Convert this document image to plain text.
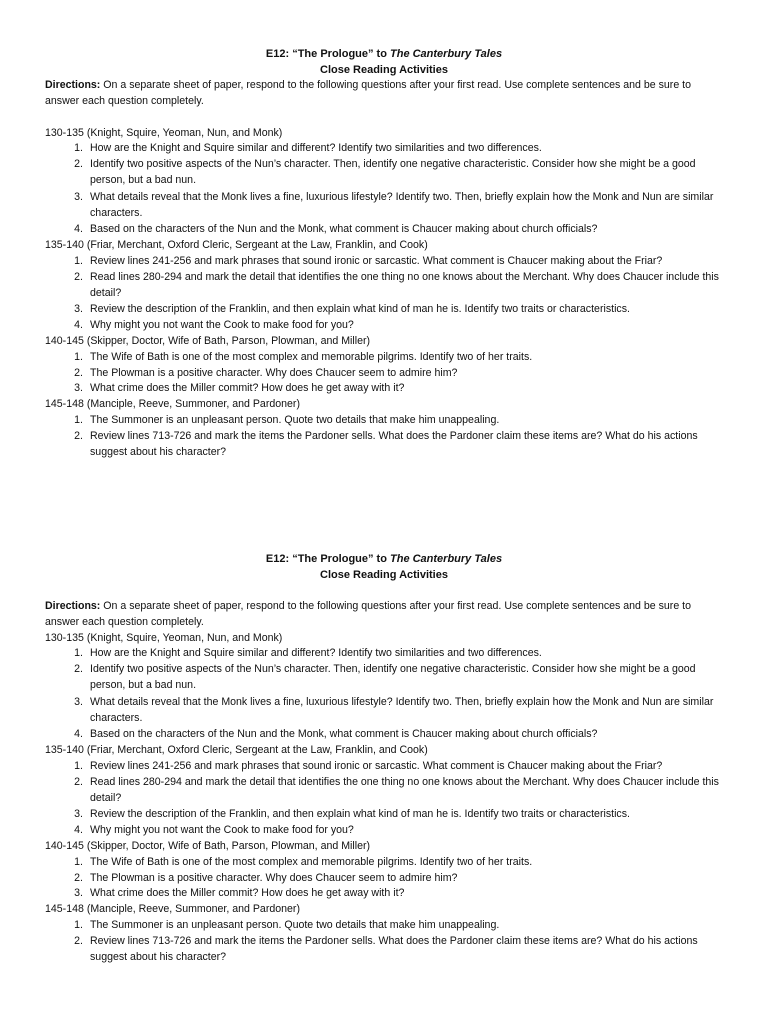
E12: “The Prologue” to The Canterbury Tales
Close Reading Activities

Directions: On a separate sheet of paper, respond to the following questions after your first read. Use complete sentences and be sure to answer each question completely.

130-135 (Knight, Squire, Yeoman, Nun, and Monk)
1. How are the Knight and Squire similar and different? Identify two similarities and two differences.
2. Identify two positive aspects of the Nun’s character. Then, identify one negative characteristic. Consider how she might be a good person, but a bad nun.
3. What details reveal that the Monk lives a fine, luxurious lifestyle? Identify two. Then, briefly explain how the Monk and Nun are similar characters.
4. Based on the characters of the Nun and the Monk, what comment is Chaucer making about church officials?
135-140 (Friar, Merchant, Oxford Cleric, Sergeant at the Law, Franklin, and Cook)
1. Review lines 241-256 and mark phrases that sound ironic or sarcastic. What comment is Chaucer making about the Friar?
2. Read lines 280-294 and mark the detail that identifies the one thing no one knows about the Merchant. Why does Chaucer include this detail?
3. Review the description of the Franklin, and then explain what kind of man he is. Identify two traits or characteristics.
4. Why might you not want the Cook to make food for you?
140-145 (Skipper, Doctor, Wife of Bath, Parson, Plowman, and Miller)
1. The Wife of Bath is one of the most complex and memorable pilgrims. Identify two of her traits.
2. The Plowman is a positive character. Why does Chaucer seem to admire him?
3. What crime does the Miller commit? How does he get away with it?
145-148 (Manciple, Reeve, Summoner, and Pardoner)
1. The Summoner is an unpleasant person. Quote two details that make him unappealing.
2. Review lines 713-726 and mark the items the Pardoner sells. What does the Pardoner claim these items are? What do his actions suggest about his character?
E12: “The Prologue” to The Canterbury Tales
Close Reading Activities

Directions: On a separate sheet of paper, respond to the following questions after your first read. Use complete sentences and be sure to answer each question completely.

130-135 (Knight, Squire, Yeoman, Nun, and Monk)
1. How are the Knight and Squire similar and different? Identify two similarities and two differences.
2. Identify two positive aspects of the Nun’s character. Then, identify one negative characteristic. Consider how she might be a good person, but a bad nun.
3. What details reveal that the Monk lives a fine, luxurious lifestyle? Identify two. Then, briefly explain how the Monk and Nun are similar characters.
4. Based on the characters of the Nun and the Monk, what comment is Chaucer making about church officials?
135-140 (Friar, Merchant, Oxford Cleric, Sergeant at the Law, Franklin, and Cook)
1. Review lines 241-256 and mark phrases that sound ironic or sarcastic. What comment is Chaucer making about the Friar?
2. Read lines 280-294 and mark the detail that identifies the one thing no one knows about the Merchant. Why does Chaucer include this detail?
3. Review the description of the Franklin, and then explain what kind of man he is. Identify two traits or characteristics.
4. Why might you not want the Cook to make food for you?
140-145 (Skipper, Doctor, Wife of Bath, Parson, Plowman, and Miller)
1. The Wife of Bath is one of the most complex and memorable pilgrims. Identify two of her traits.
2. The Plowman is a positive character. Why does Chaucer seem to admire him?
3. What crime does the Miller commit? How does he get away with it?
145-148 (Manciple, Reeve, Summoner, and Pardoner)
1. The Summoner is an unpleasant person. Quote two details that make him unappealing.
2. Review lines 713-726 and mark the items the Pardoner sells. What does the Pardoner claim these items are? What do his actions suggest about his character?
